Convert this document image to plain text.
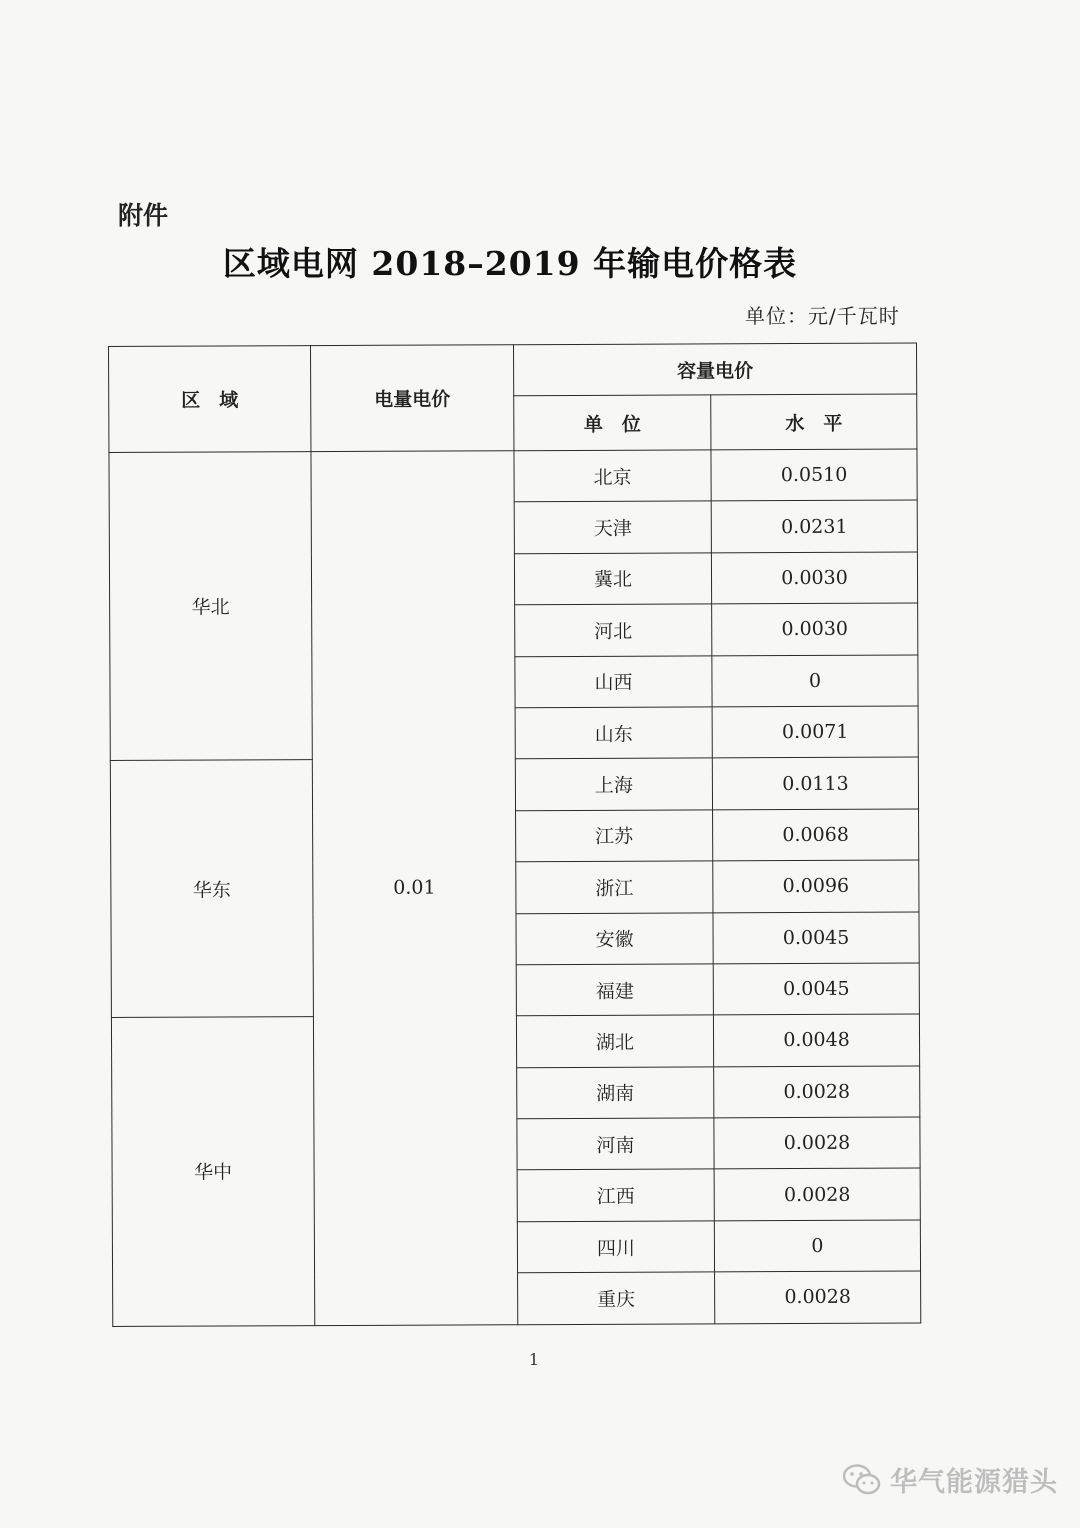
附件
区域电网 2018–2019 年输电价格表
单位：元/千瓦时
区　域	电量电价	容量电价	
		单　位	水　平
华北	0.01	北京	0.0510
		天津	0.0231
		冀北	0.0030
		河北	0.0030
		山西	0
		山东	0.0071
华东		上海	0.0113
		江苏	0.0068
		浙江	0.0096
		安徽	0.0045
		福建	0.0045
华中		湖北	0.0048
		湖南	0.0028
		河南	0.0028
		江西	0.0028
		四川	0
		重庆	0.0028
1
华气能源猎头
